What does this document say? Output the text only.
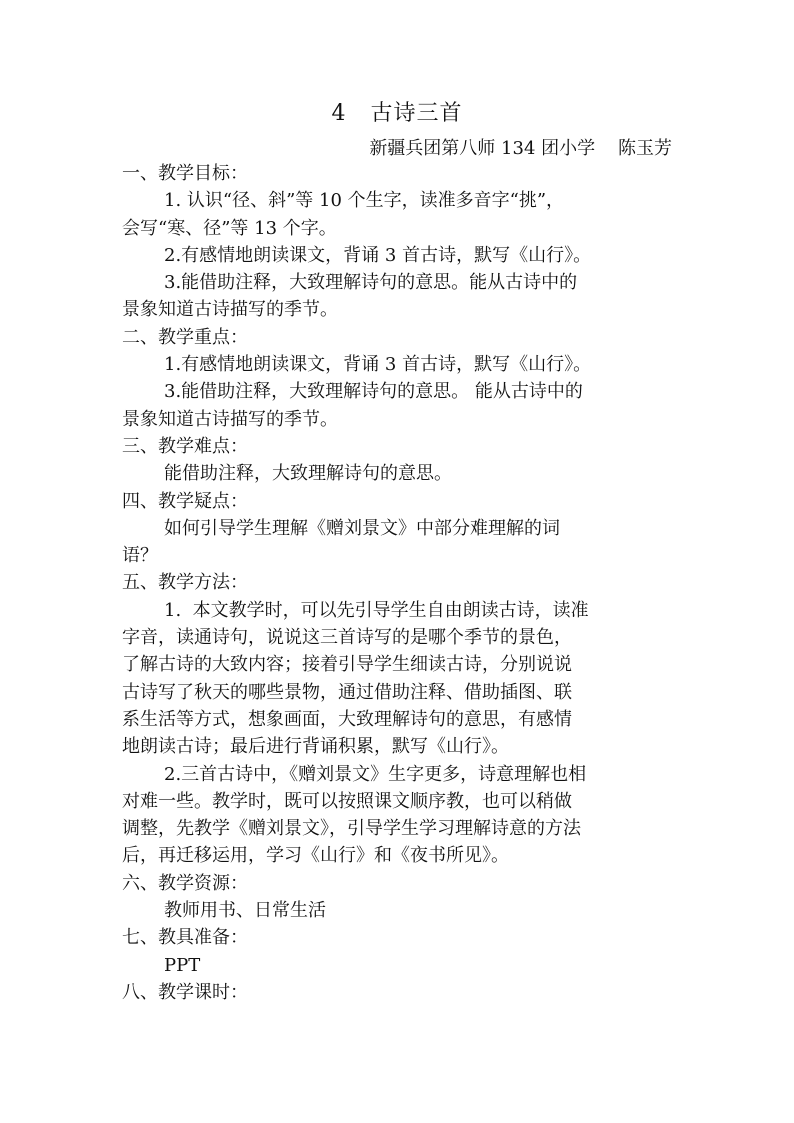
4   古诗三首
新疆兵团第八师 134 团小学    陈玉芳
一、教学目标：
1. 认识“径、斜”等 10 个生字，读准多音字“挑”，
会写“寒、径”等 13 个字。
2.有感情地朗读课文，背诵 3 首古诗，默写《山行》。
3.能借助注释，大致理解诗句的意思。能从古诗中的
景象知道古诗描写的季节。
二、教学重点：
1.有感情地朗读课文，背诵 3 首古诗，默写《山行》。
3.能借助注释，大致理解诗句的意思。 能从古诗中的
景象知道古诗描写的季节。
三、教学难点：
能借助注释，大致理解诗句的意思。
四、教学疑点：
如何引导学生理解《赠刘景文》中部分难理解的词
语？
五、教学方法：
1.  本文教学时，可以先引导学生自由朗读古诗，读准
字音，读通诗句，说说这三首诗写的是哪个季节的景色，
了解古诗的大致内容；接着引导学生细读古诗，分别说说
古诗写了秋天的哪些景物，通过借助注释、借助插图、联
系生活等方式，想象画面，大致理解诗句的意思，有感情
地朗读古诗；最后进行背诵积累，默写《山行》。
2.三首古诗中，《赠刘景文》生字更多，诗意理解也相
对难一些。教学时，既可以按照课文顺序教，也可以稍做
调整，先教学《赠刘景文》，引导学生学习理解诗意的方法
后，再迁移运用，学习《山行》和《夜书所见》。
六、教学资源：
教师用书、日常生活
七、教具准备：
PPT
八、教学课时：
